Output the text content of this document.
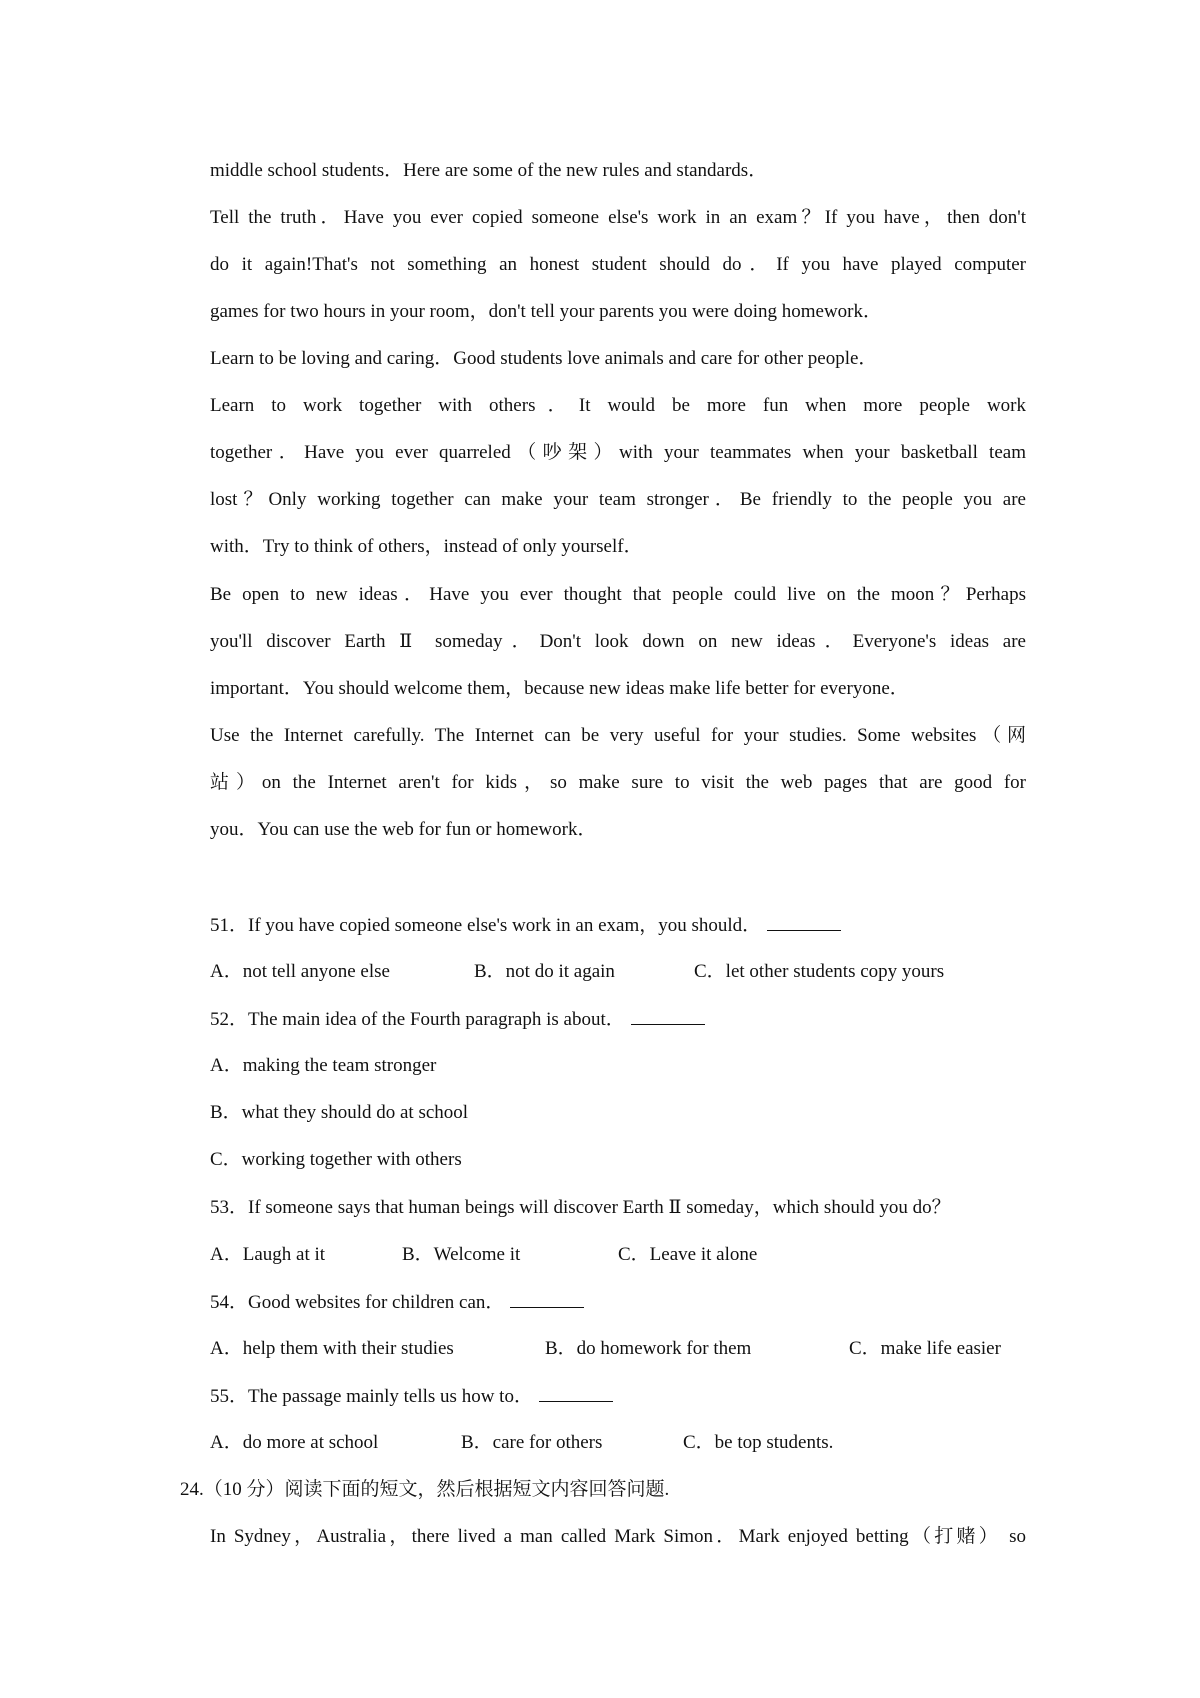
middle school students．Here are some of the new rules and standards．
Tell the truth．Have you ever copied someone else's work in an exam？If you have，then don't
do it again!That's not something an honest student should do．If you have played computer
games for two hours in your room，don't tell your parents you were doing homework．
Learn to be loving and caring．Good students love animals and care for other people．
Learn to work together with others．It would be more fun when more people work
together．Have you ever quarreled（吵架）with your teammates when your basketball team
lost？Only working together can make your team stronger．Be friendly to the people you are
with．Try to think of others，instead of only yourself．
Be open to new ideas．Have you ever thought that people could live on the moon？Perhaps
you'll discover Earth Ⅱ someday．Don't look down on new ideas．Everyone's ideas are
important．You should welcome them，because new ideas make life better for everyone．
Use the Internet carefully. The Internet can be very useful for your studies. Some websites（网
站）on the Internet aren't for kids，so make sure to visit the web pages that are good for
you．You can use the web for fun or homework．
51．If you have copied someone else's work in an exam，you should．
A．not tell anyone else	B．not do it again	C．let other students copy yours
52．The main idea of the Fourth paragraph is about．
A．making the team stronger
B．what they should do at school
C．working together with others
53．If someone says that human beings will discover Earth Ⅱ someday，which should you do？
A．Laugh at it	B．Welcome it	C．Leave it alone
54．Good websites for children can．
A．help them with their studies	B．do homework for them	C．make life easier
55．The passage mainly tells us how to．
A．do more at school	B．care for others	C．be top students.
24.（10 分）阅读下面的短文，然后根据短文内容回答问题.
In Sydney，Australia，there lived a man called Mark Simon．Mark enjoyed betting（打赌） so
